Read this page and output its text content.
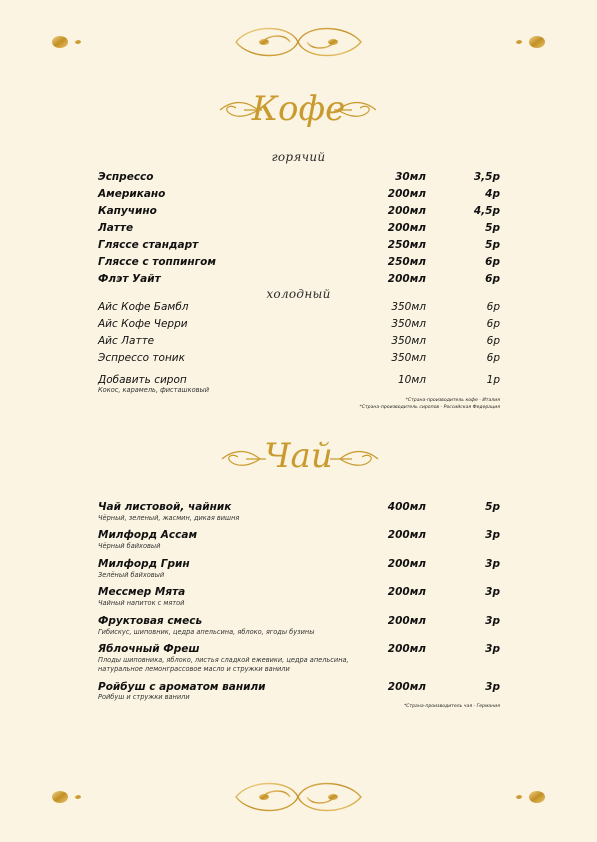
Кофе
горячий
Эспрессо	30мл	3,5р
Американо	200мл	4р
Капучино	200мл	4,5р
Латте	200мл	5р
Гляссе стандарт	250мл	5р
Гляссе с топпингом	250мл	6р
Флэт Уайт	200мл	6р
холодный
Айс Кофе Бамбл	350мл	6р
Айс Кофе Черри	350мл	6р
Айс Латте	350мл	6р
Эспрессо тоник	350мл	6р
Добавить сироп	10мл	1р
Кокос, карамель, фисташковый
*Страна-производитель кофе - Италия
*Страна-производитель сиропов - Российская Федерация
Чай
Чай листовой, чайник	400мл	5р
Чёрный, зеленый, жасмин, дикая вишня
Милфорд Ассам	200мл	3р
Чёрный байховый
Милфорд Грин	200мл	3р
Зелёный байховый
Мессмер Мята	200мл	3р
Чайный напиток с мятой
Фруктовая смесь	200мл	3р
Гибискус, шиповник, цедра апельсина, яблоко, ягоды бузины
Яблочный Фреш	200мл	3р
Плоды шиповника, яблоко, листья сладкой ежевики, цедра апельсина,
натуральное лемонграссовое масло и стружки ванили
Ройбуш с ароматом ванили	200мл	3р
Ройбуш и стружки ванили
*Страна-производитель чая - Германия
